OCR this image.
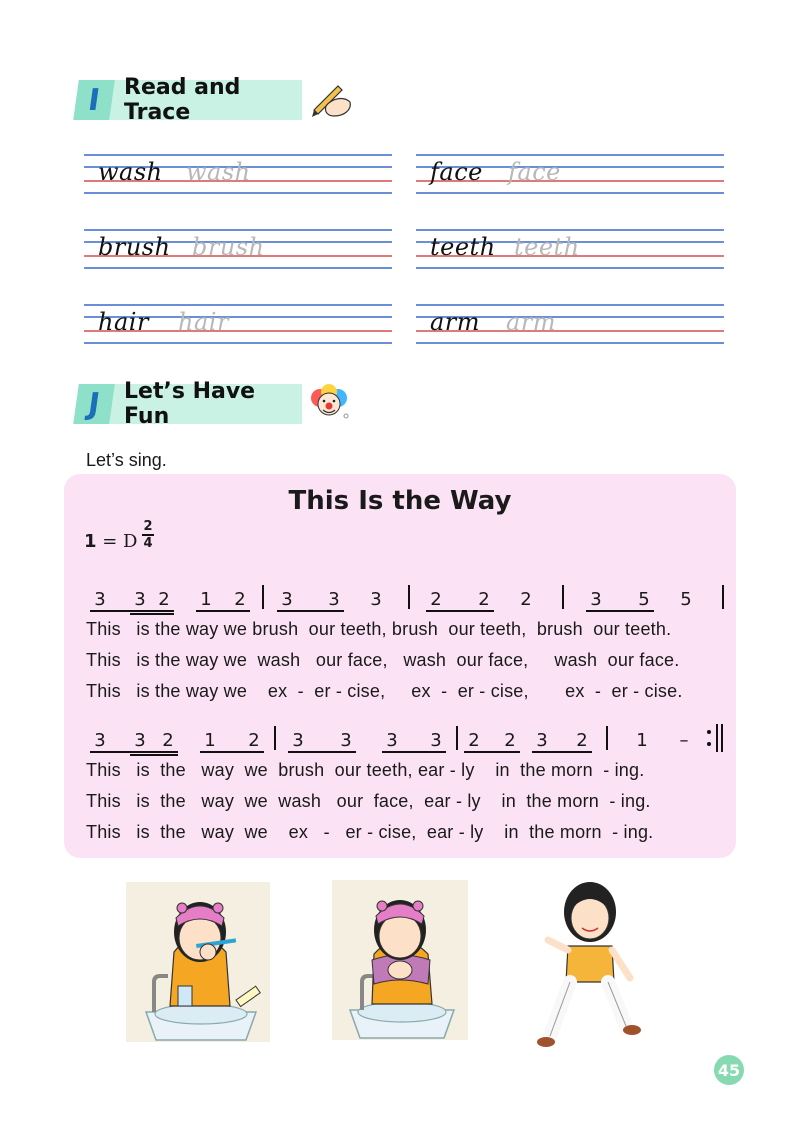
Read and Trace
I
wash wash	face face
brush brush	teeth teeth
hair hair	arm arm
Let’s Have Fun
J
Let’s sing.
This Is the Way
1 = D
2
4
3 3 2 1 2 3 3 3	2 2 2	3 5 5
3 3 2 1 2 3 3 3 3 2 2 3 2	1	–
This   is the way we brush  our teeth, brush  our teeth,  brush  our teeth.
This   is the way we  wash   our face,   wash  our face,     wash  our face.
This   is the way we    ex  -  er - cise,     ex  -  er - cise,       ex  -  er - cise.
This   is  the   way  we  brush  our teeth, ear - ly    in  the morn  - ing.
This   is  the   way  we  wash   our  face,  ear - ly    in  the morn  - ing.
This   is  the   way  we    ex   -   er - cise,  ear - ly    in  the morn  - ing.
45
